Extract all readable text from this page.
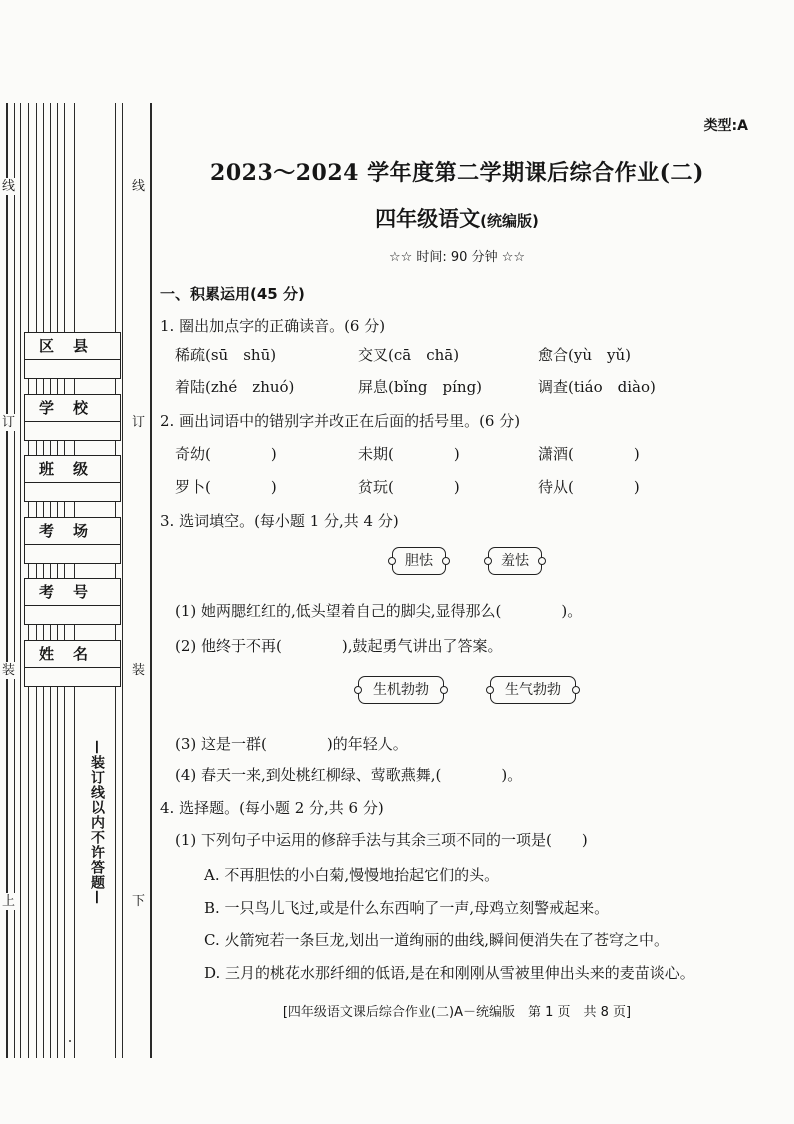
线
订
装
上
线
订
装
下
区　县
学　校
班　级
考　场
考　号
姓　名
—装订线以内不许答题—
类型:A
2023～2024 学年度第二学期课后综合作业(二)
四年级语文(统编版)
☆☆ 时间: 90 分钟 ☆☆
一、积累运用(45 分)
1. 圈出加点字的正确读音。(6 分)
稀疏(sū　shū)	交叉(cā　chā)	愈合(yù　yǔ)
着陆(zhé　zhuó)	屏息(bǐng　píng)	调查(tiáo　diào)
2. 画出词语中的错别字并改正在后面的括号里。(6 分)
奇幼(　　　　)	未期(　　　　)	潇酒(　　　　)
罗卜(　　　　)	贫玩(　　　　)	待从(　　　　)
3. 选词填空。(每小题 1 分,共 4 分)
胆怯	羞怯
(1) 她两腮红红的,低头望着自己的脚尖,显得那么(　　　　)。
(2) 他终于不再(　　　　),鼓起勇气讲出了答案。
生机勃勃	生气勃勃
(3) 这是一群(　　　　)的年轻人。
(4) 春天一来,到处桃红柳绿、莺歌燕舞,(　　　　)。
4. 选择题。(每小题 2 分,共 6 分)
(1) 下列句子中运用的修辞手法与其余三项不同的一项是(　　)
A. 不再胆怯的小白菊,慢慢地抬起它们的头。
B. 一只鸟儿飞过,或是什么东西响了一声,母鸡立刻警戒起来。
C. 火箭宛若一条巨龙,划出一道绚丽的曲线,瞬间便消失在了苍穹之中。
D. 三月的桃花水那纤细的低语,是在和刚刚从雪被里伸出头来的麦苗谈心。
[四年级语文课后综合作业(二)A－统编版　第 1 页　共 8 页]
